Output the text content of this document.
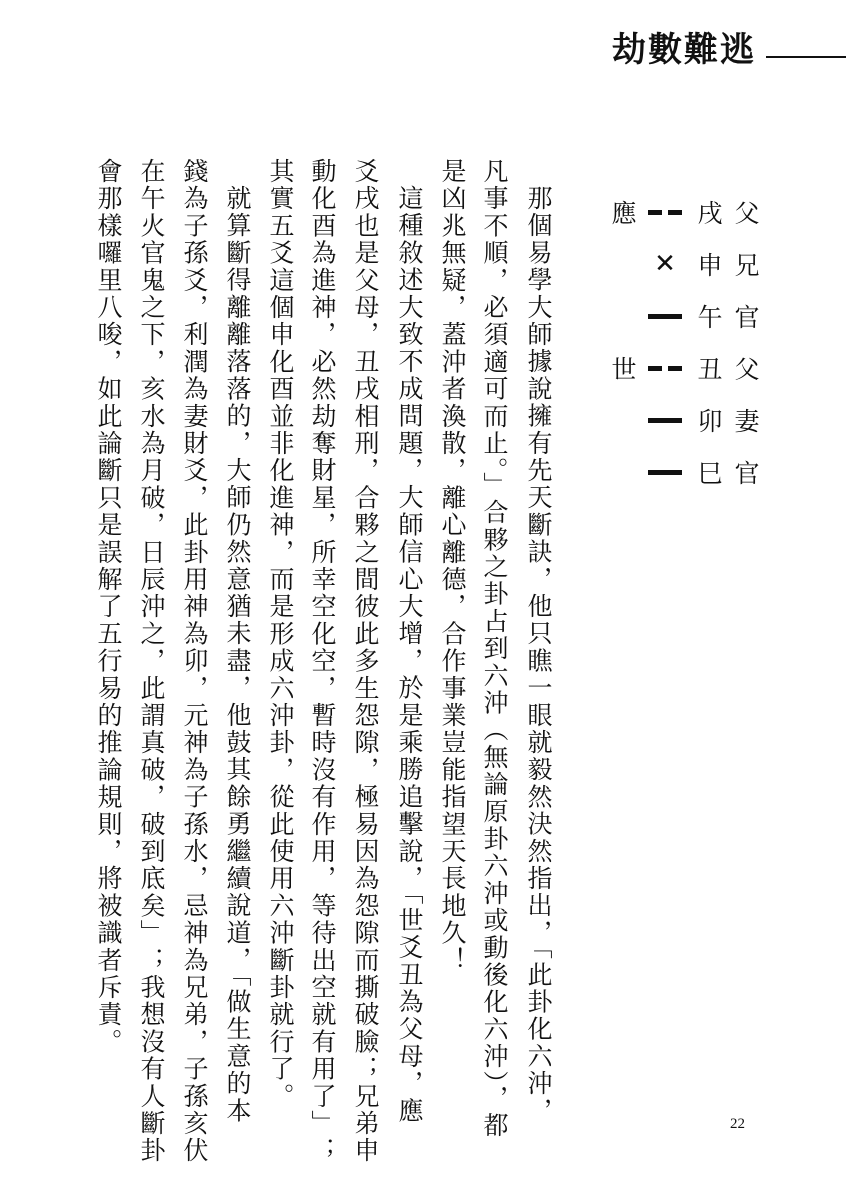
劫數難逃
父
兄
官
父
妻
官
戌
申
午
丑
卯
巳
✕
應
世
那個易學大師據說擁有先天斷訣，他只瞧一眼就毅然決然指出，「此卦化六沖，
凡事不順，必須適可而止。」合夥之卦占到六沖（無論原卦六沖或動後化六沖），都
是凶兆無疑，蓋沖者渙散，離心離德，合作事業豈能指望天長地久！
這種敘述大致不成問題，大師信心大增，於是乘勝追擊說，「世爻丑為父母，應
爻戌也是父母，丑戌相刑，合夥之間彼此多生怨隙，極易因為怨隙而撕破臉；兄弟申
動化酉為進神，必然劫奪財星，所幸空化空，暫時沒有作用，等待出空就有用了」；
其實五爻這個申化酉並非化進神，而是形成六沖卦，從此使用六沖斷卦就行了。
就算斷得離離落落的，大師仍然意猶未盡，他鼓其餘勇繼續說道，「做生意的本
錢為子孫爻，利潤為妻財爻，此卦用神為卯，元神為子孫水，忌神為兄弟，子孫亥伏
在午火官鬼之下，亥水為月破，日辰沖之，此謂真破，破到底矣」；我想沒有人斷卦
會那樣囉里八唆，如此論斷只是誤解了五行易的推論規則，將被識者斥責。
22
